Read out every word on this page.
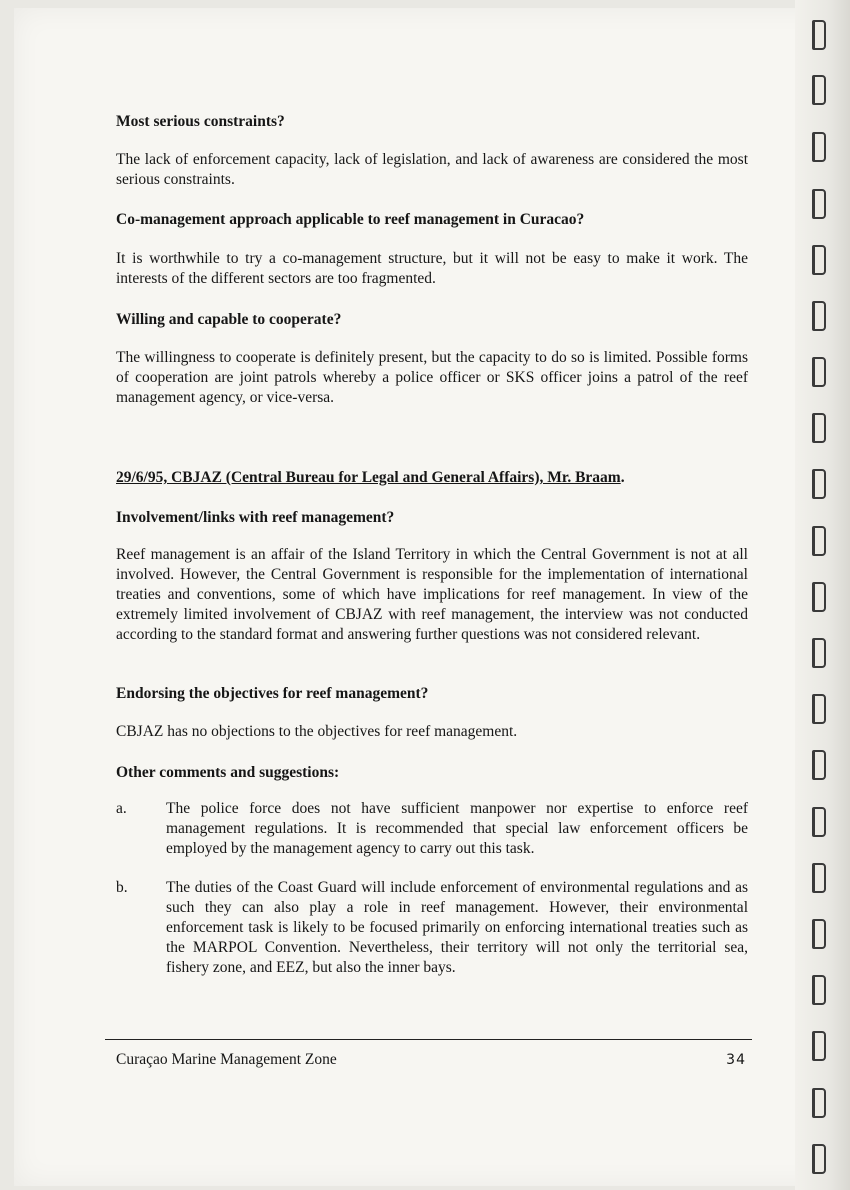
Most serious constraints?

The lack of enforcement capacity, lack of legislation, and lack of awareness are considered the most serious constraints.

Co-management approach applicable to reef management in Curacao?

It is worthwhile to try a co-management structure, but it will not be easy to make it work. The interests of the different sectors are too fragmented.

Willing and capable to cooperate?

The willingness to cooperate is definitely present, but the capacity to do so is limited. Possible forms of cooperation are joint patrols whereby a police officer or SKS officer joins a patrol of the reef management agency, or vice-versa.

29/6/95, CBJAZ (Central Bureau for Legal and General Affairs), Mr. Braam.
Involvement/links with reef management?

Reef management is an affair of the Island Territory in which the Central Government is not at all involved. However, the Central Government is responsible for the implementation of international treaties and conventions, some of which have implications for reef management. In view of the extremely limited involvement of CBJAZ with reef management, the interview was not conducted according to the standard format and answering further questions was not considered relevant.

Endorsing the objectives for reef management?

CBJAZ has no objections to the objectives for reef management.

Other comments and suggestions:
a.	The police force does not have sufficient manpower nor expertise to enforce reef management regulations. It is recommended that special law enforcement officers be employed by the management agency to carry out this task.
b. The duties of the Coast Guard will include enforcement of environmental regulations and as such they can also play a role in reef management. However, their environmental enforcement task is likely to be focused primarily on enforcing international treaties such as the MARPOL Convention. Nevertheless, their territory will not only the territorial sea, fishery zone, and EEZ, but also the inner bays.
Curaçao Marine Management Zone	34
